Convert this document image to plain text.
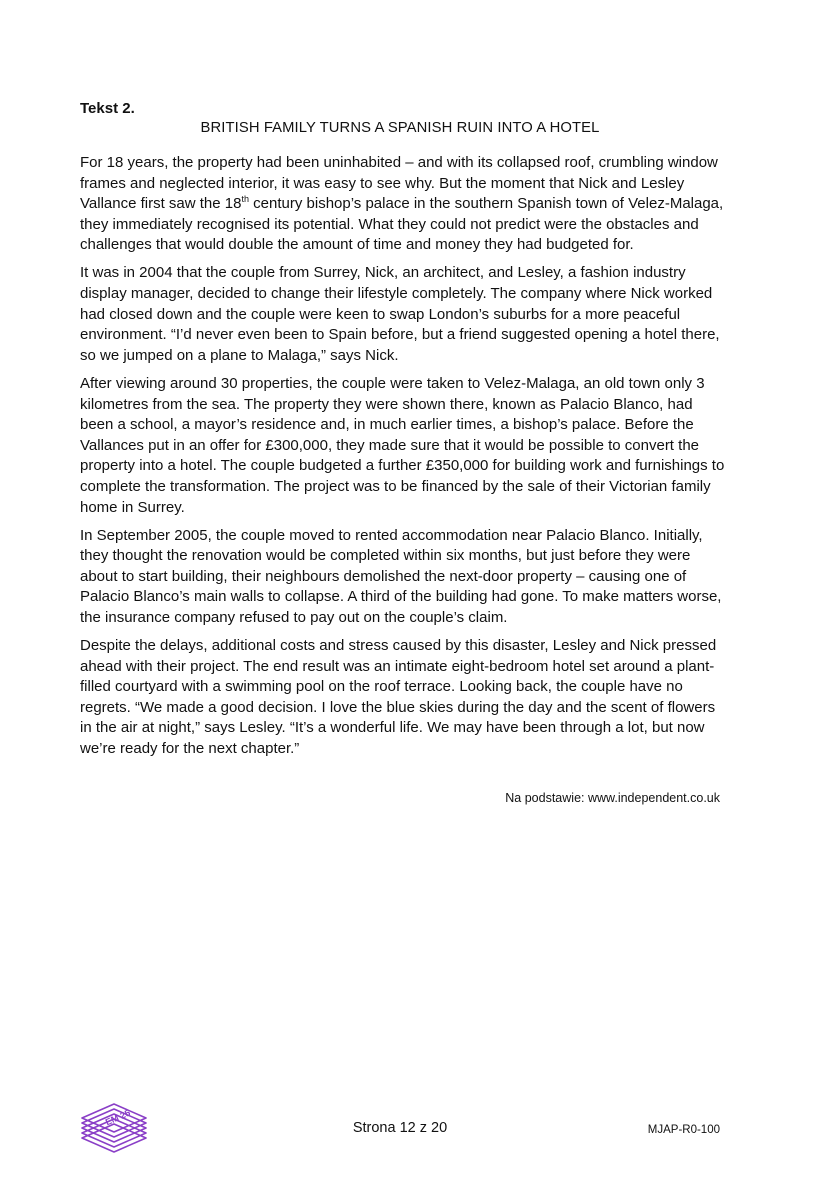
Tekst 2.
BRITISH FAMILY TURNS A SPANISH RUIN INTO A HOTEL

For 18 years, the property had been uninhabited – and with its collapsed roof, crumbling window frames and neglected interior, it was easy to see why. But the moment that Nick and Lesley Vallance first saw the 18th century bishop’s palace in the southern Spanish town of Velez-Malaga, they immediately recognised its potential. What they could not predict were the obstacles and challenges that would double the amount of time and money they had budgeted for.

It was in 2004 that the couple from Surrey, Nick, an architect, and Lesley, a fashion industry display manager, decided to change their lifestyle completely. The company where Nick worked had closed down and the couple were keen to swap London’s suburbs for a more peaceful environment. “I’d never even been to Spain before, but a friend suggested opening a hotel there, so we jumped on a plane to Malaga,” says Nick.

After viewing around 30 properties, the couple were taken to Velez-Malaga, an old town only 3 kilometres from the sea. The property they were shown there, known as Palacio Blanco, had been a school, a mayor’s residence and, in much earlier times, a bishop’s palace. Before the Vallances put in an offer for £300,000, they made sure that it would be possible to convert the property into a hotel. The couple budgeted a further £350,000 for building work and furnishings to complete the transformation. The project was to be financed by the sale of their Victorian family home in Surrey.

In September 2005, the couple moved to rented accommodation near Palacio Blanco. Initially, they thought the renovation would be completed within six months, but just before they were about to start building, their neighbours demolished the next-door property – causing one of Palacio Blanco’s main walls to collapse. A third of the building had gone. To make matters worse, the insurance company refused to pay out on the couple’s claim.

Despite the delays, additional costs and stress caused by this disaster, Lesley and Nick pressed ahead with their project. The end result was an intimate eight-bedroom hotel set around a plant-filled courtyard with a swimming pool on the roof terrace. Looking back, the couple have no regrets. “We made a good decision. I love the blue skies during the day and the scent of flowers in the air at night,” says Lesley. “It’s a wonderful life. We may have been through a lot, but now we’re ready for the next chapter.”

Na podstawie: www.independent.co.uk
EM 25
Strona 12 z 20	MJAP-R0-100
